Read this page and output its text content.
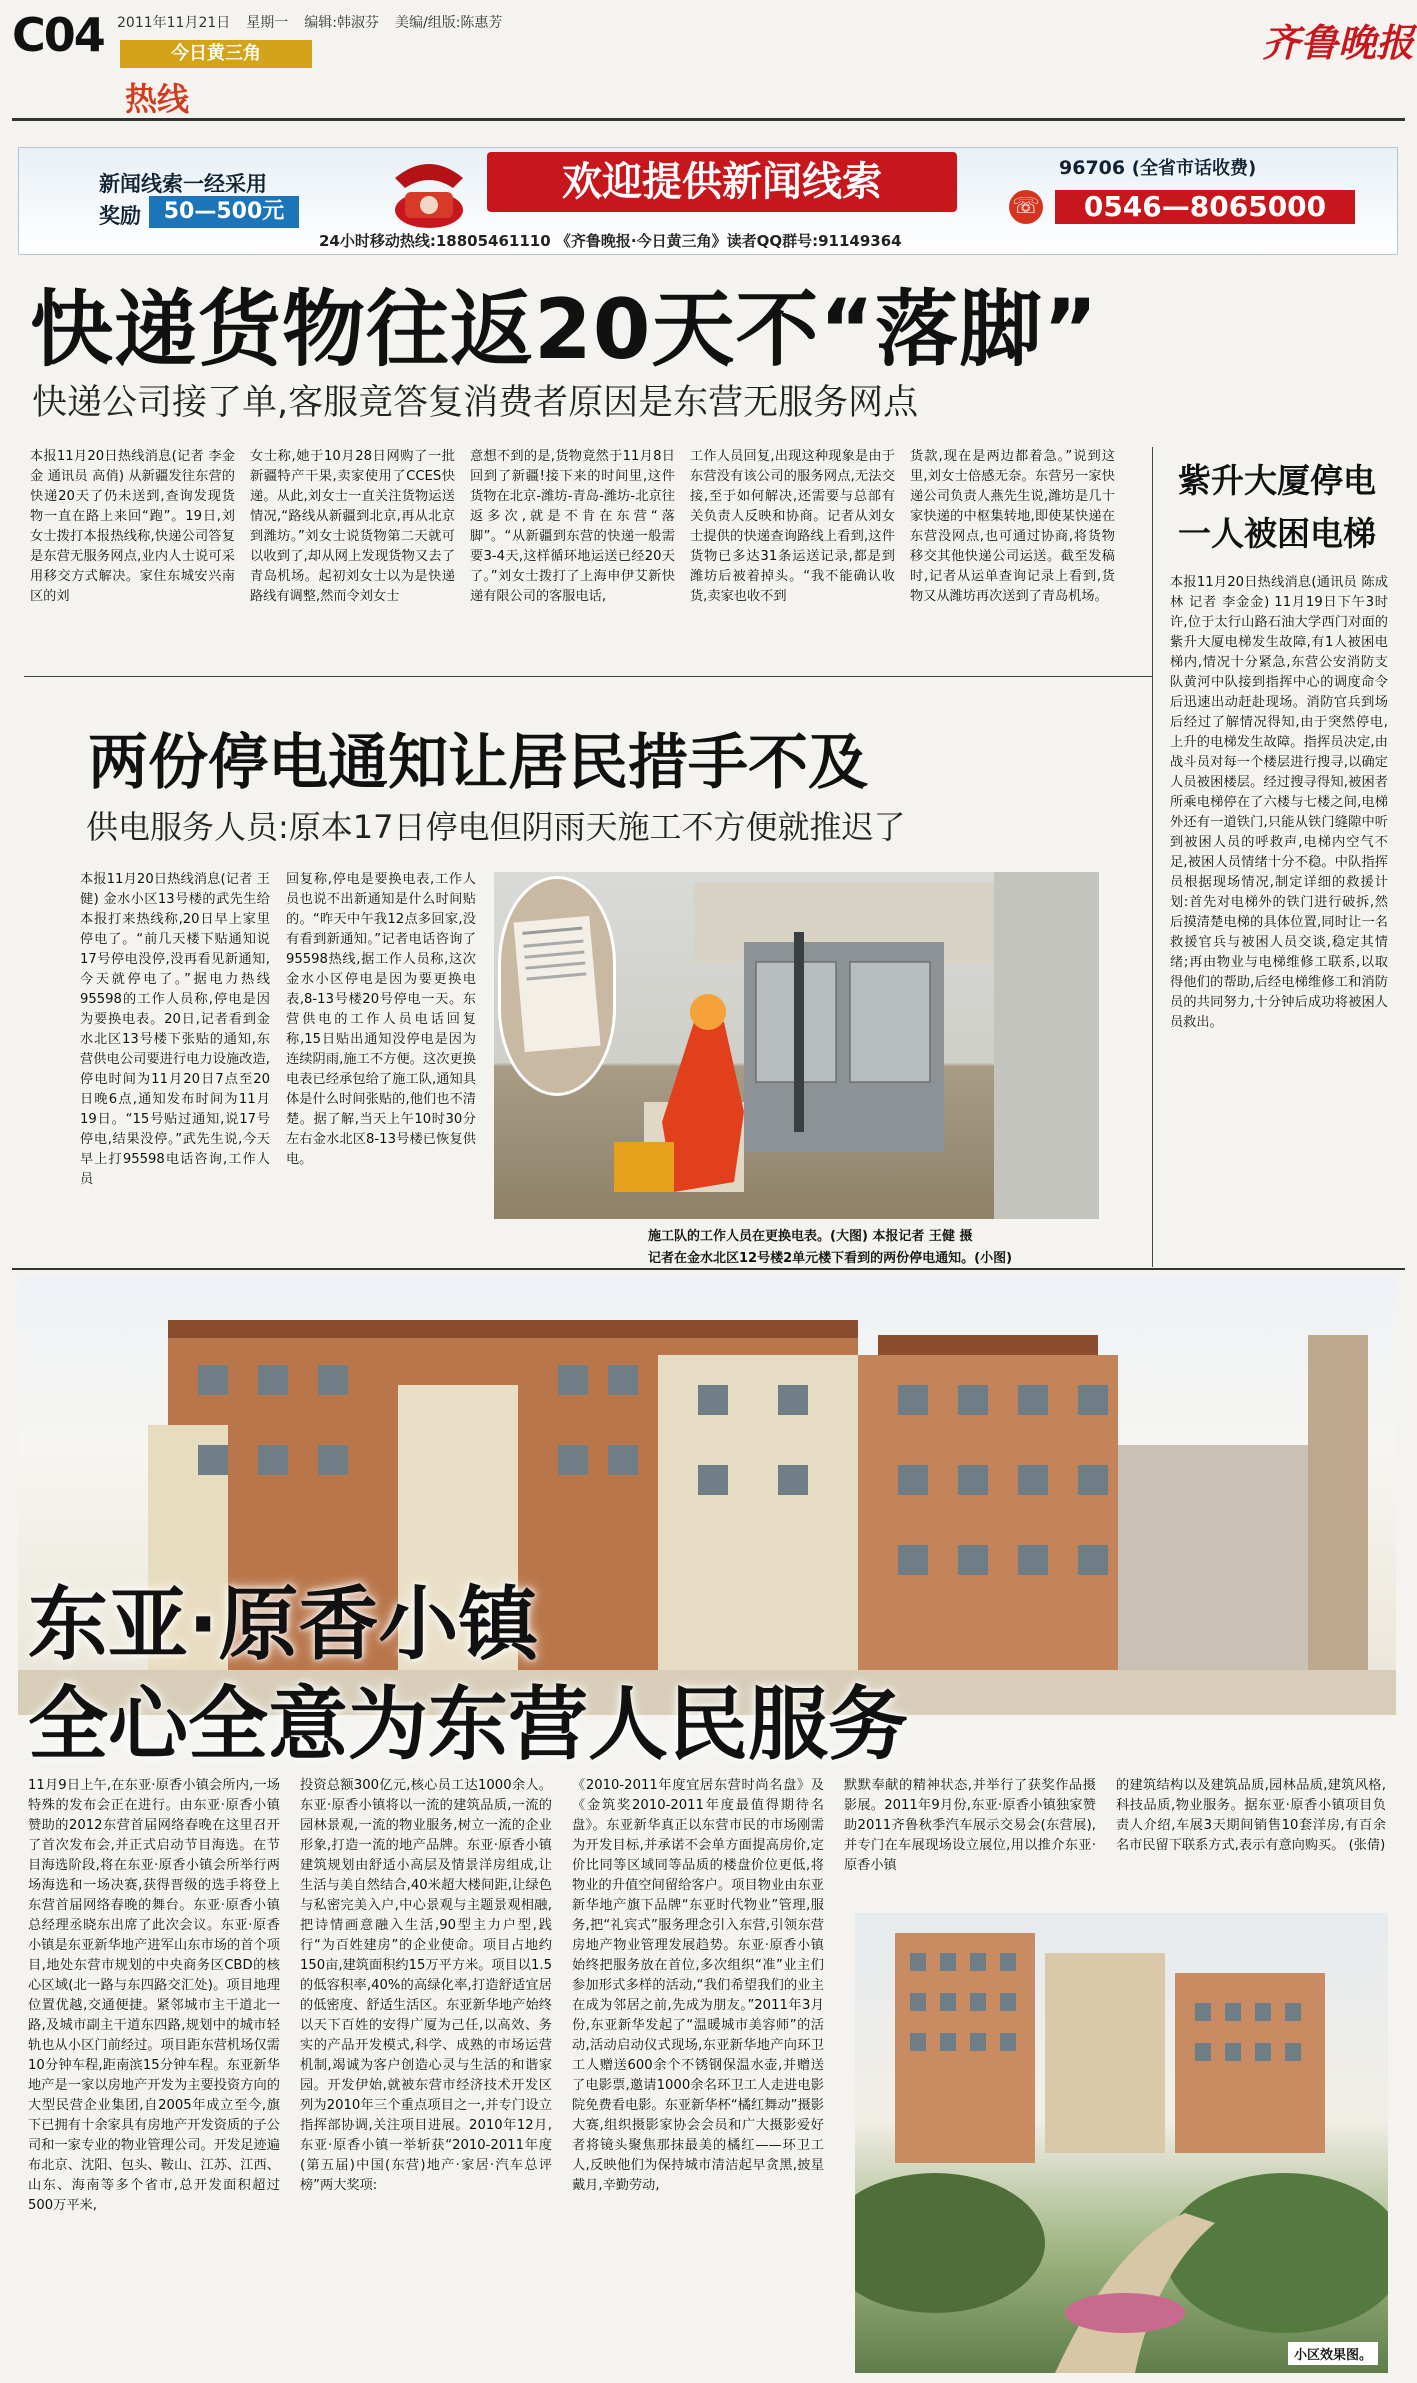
C04 2011年11月21日 星期一 编辑:韩淑芬 美编/组版:陈惠芳
今日黄三角
热线
齐鲁晚报
新闻线索一经采用
奖励	50—500元
欢迎提供新闻线索
☏
96706 (全省市话收费)
0546—8065000
24小时移动热线:18805461110 《齐鲁晚报·今日黄三角》读者QQ群号:91149364
快递货物往返20天不“落脚”
快递公司接了单,客服竟答复消费者原因是东营无服务网点
本报11月20日热线消息(记者 李金金 通讯员 高俏) 从新疆发往东营的快递20天了仍未送到,查询发现货物一直在路上来回“跑”。19日,刘女士拨打本报热线称,快递公司答复是东营无服务网点,业内人士说可采用移交方式解决。家住东城安兴南区的刘
女士称,她于10月28日网购了一批新疆特产干果,卖家使用了CCES快递。从此,刘女士一直关注货物运送情况,“路线从新疆到北京,再从北京到潍坊。”刘女士说货物第二天就可以收到了,却从网上发现货物又去了青岛机场。起初刘女士以为是快递路线有调整,然而令刘女士
意想不到的是,货物竟然于11月8日回到了新疆!接下来的时间里,这件货物在北京-潍坊-青岛-潍坊-北京往返多次,就是不肯在东营“落脚”。“从新疆到东营的快递一般需要3-4天,这样循环地运送已经20天了。”刘女士拨打了上海申伊艾新快递有限公司的客服电话,
工作人员回复,出现这种现象是由于东营没有该公司的服务网点,无法交接,至于如何解决,还需要与总部有关负责人反映和协商。记者从刘女士提供的快递查询路线上看到,这件货物已多达31条运送记录,都是到潍坊后被着掉头。“我不能确认收货,卖家也收不到
货款,现在是两边都着急。”说到这里,刘女士倍感无奈。东营另一家快递公司负责人燕先生说,潍坊是几十家快递的中枢集转地,即使某快递在东营没网点,也可通过协商,将货物移交其他快递公司运送。截至发稿时,记者从运单查询记录上看到,货物又从潍坊再次送到了青岛机场。
紫升大厦停电
一人被困电梯
本报11月20日热线消息(通讯员 陈成林 记者 李金金) 11月19日下午3时许,位于太行山路石油大学西门对面的紫升大厦电梯发生故障,有1人被困电梯内,情况十分紧急,东营公安消防支队黄河中队接到指挥中心的调度命令后迅速出动赶赴现场。消防官兵到场后经过了解情况得知,由于突然停电,上升的电梯发生故障。指挥员决定,由战斗员对每一个楼层进行搜寻,以确定人员被困楼层。经过搜寻得知,被困者所乘电梯停在了六楼与七楼之间,电梯外还有一道铁门,只能从铁门缝隙中听到被困人员的呼救声,电梯内空气不足,被困人员情绪十分不稳。中队指挥员根据现场情况,制定详细的救援计划:首先对电梯外的铁门进行破拆,然后摸清楚电梯的具体位置,同时让一名救援官兵与被困人员交谈,稳定其情绪;再由物业与电梯维修工联系,以取得他们的帮助,后经电梯维修工和消防员的共同努力,十分钟后成功将被困人员救出。
两份停电通知让居民措手不及
供电服务人员:原本17日停电但阴雨天施工不方便就推迟了
本报11月20日热线消息(记者 王健) 金水小区13号楼的武先生给本报打来热线称,20日早上家里停电了。“前几天楼下贴通知说17号停电没停,没再看见新通知,今天就停电了。”据电力热线95598的工作人员称,停电是因为要换电表。20日,记者看到金水北区13号楼下张贴的通知,东营供电公司要进行电力设施改造,停电时间为11月20日7点至20日晚6点,通知发布时间为11月19日。“15号贴过通知,说17号停电,结果没停。”武先生说,今天早上打95598电话咨询,工作人员
回复称,停电是要换电表,工作人员也说不出新通知是什么时间贴的。“昨天中午我12点多回家,没有看到新通知。”记者电话咨询了95598热线,据工作人员称,这次金水小区停电是因为要更换电表,8-13号楼20号停电一天。东营供电的工作人员电话回复称,15日贴出通知没停电是因为连续阴雨,施工不方便。这次更换电表已经承包给了施工队,通知具体是什么时间张贴的,他们也不清楚。据了解,当天上午10时30分左右金水北区8-13号楼已恢复供电。
施工队的工作人员在更换电表。(大图) 本报记者 王健 摄
记者在金水北区12号楼2单元楼下看到的两份停电通知。(小图)
东亚·原香小镇
全心全意为东营人民服务
11月9日上午,在东亚·原香小镇会所内,一场特殊的发布会正在进行。由东亚·原香小镇赞助的2012东营首届网络春晚在这里召开了首次发布会,并正式启动节目海选。在节目海选阶段,将在东亚·原香小镇会所举行两场海选和一场决赛,获得晋级的选手将登上东营首届网络春晚的舞台。东亚·原香小镇总经理丞晓东出席了此次会议。东亚·原香小镇是东亚新华地产进军山东市场的首个项目,地处东营市规划的中央商务区CBD的核心区域(北一路与东四路交汇处)。项目地理位置优越,交通便捷。紧邻城市主干道北一路,及城市副主干道东四路,规划中的城市轻轨也从小区门前经过。项目距东营机场仅需10分钟车程,距南滨15分钟车程。东亚新华地产是一家以房地产开发为主要投资方向的大型民营企业集团,自2005年成立至今,旗下已拥有十余家具有房地产开发资质的子公司和一家专业的物业管理公司。开发足迹遍布北京、沈阳、包头、鞍山、江苏、江西、山东、海南等多个省市,总开发面积超过500万平米,
投资总额300亿元,核心员工达1000余人。东亚·原香小镇将以一流的建筑品质,一流的园林景观,一流的物业服务,树立一流的企业形象,打造一流的地产品牌。东亚·原香小镇建筑规划由舒适小高层及情景洋房组成,让生活与美自然结合,40米超大楼间距,让绿色与私密完美入户,中心景观与主题景观相融,把诗情画意融入生活,90型主力户型,践行“为百姓建房”的企业使命。项目占地约150亩,建筑面积约15万平方米。项目以1.5的低容积率,40%的高绿化率,打造舒适宜居的低密度、舒适生活区。东亚新华地产始终以天下百姓的安得广厦为己任,以高效、务实的产品开发模式,科学、成熟的市场运营机制,竭诚为客户创造心灵与生活的和谐家园。开发伊始,就被东营市经济技术开发区列为2010年三个重点项目之一,并专门设立指挥部协调,关注项目进展。2010年12月,东亚·原香小镇一举斩获“2010-2011年度(第五届)中国(东营)地产·家居·汽车总评榜”两大奖项:
《2010-2011年度宜居东营时尚名盘》及《金筑奖2010-2011年度最值得期待名盘》。东亚新华真正以东营市民的市场刚需为开发目标,并承诺不会单方面提高房价,定价比同等区域同等品质的楼盘价位更低,将物业的升值空间留给客户。项目物业由东亚新华地产旗下品牌“东亚时代物业”管理,服务,把“礼宾式”服务理念引入东营,引领东营房地产物业管理发展趋势。东亚·原香小镇始终把服务放在首位,多次组织“准”业主们参加形式多样的活动,“我们希望我们的业主在成为邻居之前,先成为朋友。”2011年3月份,东亚新华发起了“温暖城市美容师”的活动,活动启动仪式现场,东亚新华地产向环卫工人赠送600余个不锈钢保温水壶,并赠送了电影票,邀请1000余名环卫工人走进电影院免费看电影。东亚新华杯“橘红舞动”摄影大赛,组织摄影家协会会员和广大摄影爱好者将镜头聚焦那抹最美的橘红——环卫工人,反映他们为保持城市清洁起早贪黑,披星戴月,辛勤劳动,
默默奉献的精神状态,并举行了获奖作品摄影展。2011年9月份,东亚·原香小镇独家赞助2011齐鲁秋季汽车展示交易会(东营展),并专门在车展现场设立展位,用以推介东亚·原香小镇
的建筑结构以及建筑品质,园林品质,建筑风格,科技品质,物业服务。据东亚·原香小镇项目负责人介绍,车展3天期间销售10套洋房,有百余名市民留下联系方式,表示有意向购买。 (张倩)
小区效果图。
